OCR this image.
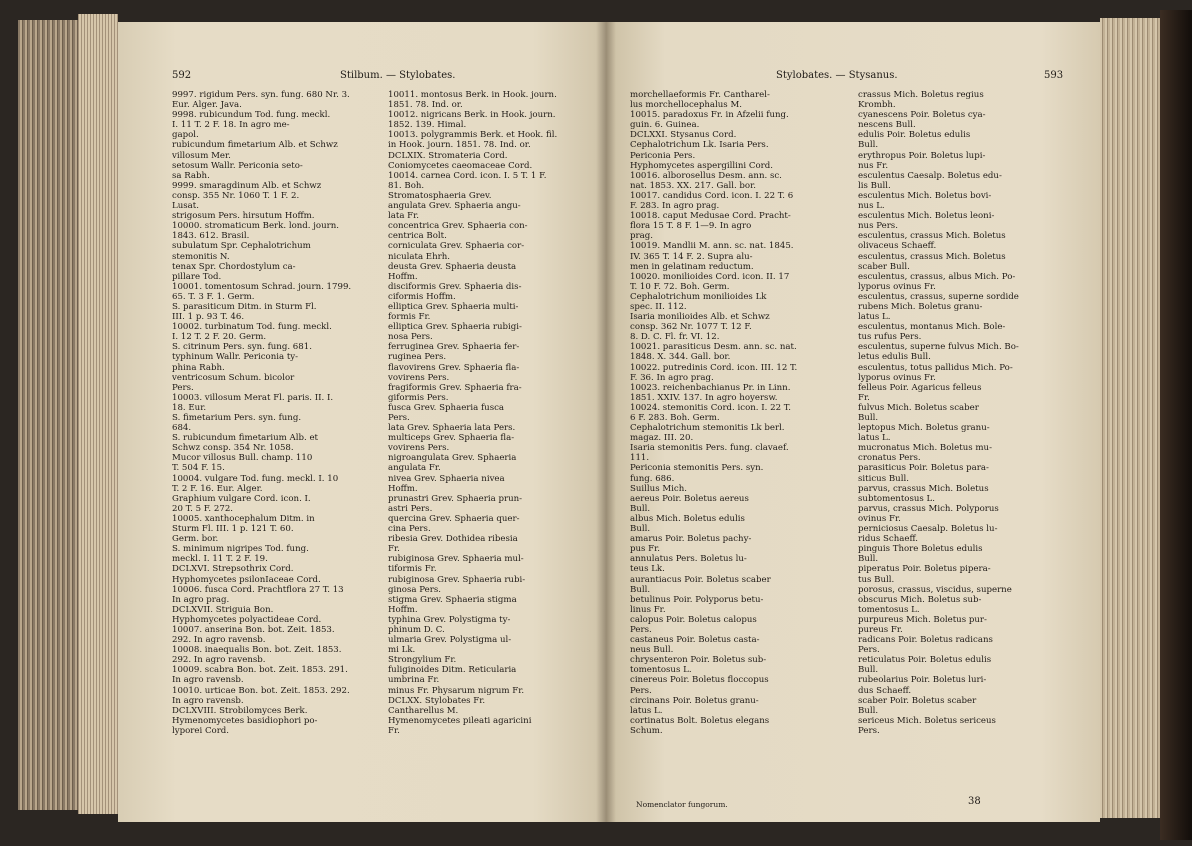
592	Stilbum. — Stylobates.	Stylobates. — Stysanus.	593
9997. rigidum Pers. syn. fung. 680 Nr. 3.
Eur. Alger. Java.
9998. rubicundum Tod. fung. meckl.
I. 11 T. 2 F. 18. In agro me-
gapol.
rubicundum fimetarium Alb. et Schwz
villosum Mer.
setosum Wallr. Periconia seto-
sa Rabh.
9999. smaragdinum Alb. et Schwz
consp. 355 Nr. 1060 T. 1 F. 2.
Lusat.
strigosum Pers. hirsutum Hoffm.
10000. stromaticum Berk. lond. journ.
1843. 612. Brasil.
subulatum Spr. Cephalotrichum
stemonitis N.
tenax Spr. Chordostylum ca-
pillare Tod.
10001. tomentosum Schrad. journ. 1799.
65. T. 3 F. 1. Germ.
S. parasiticum Ditm. in Sturm Fl.
III. 1 p. 93 T. 46.
10002. turbinatum Tod. fung. meckl.
I. 12 T. 2 F. 20. Germ.
S. citrinum Pers. syn. fung. 681.
typhinum Wallr. Periconia ty-
phina Rabh.
ventricosum Schum. bicolor
Pers.
10003. villosum Merat Fl. paris. II. I.
18. Eur.
S. fimetarium Pers. syn. fung.
684.
S. rubicundum fimetarium Alb. et
Schwz consp. 354 Nr. 1058.
Mucor villosus Bull. champ. 110
T. 504 F. 15.
10004. vulgare Tod. fung. meckl. I. 10
T. 2 F. 16. Eur. Alger.
Graphium vulgare Cord. icon. I.
20 T. 5 F. 272.
10005. xanthocephalum Ditm. in
Sturm Fl. III. 1 p. 121 T. 60.
Germ. bor.
S. minimum nigripes Tod. fung.
meckl. I. 11 T. 2 F. 19.
DCLXVI. Strepsothrix Cord.
Hyphomycetes psilonIaceae Cord.
10006. fusca Cord. Prachtflora 27 T. 13
In agro prag.
DCLXVII. Striguia Bon.
Hyphomycetes polyactideae Cord.
10007. anserina Bon. bot. Zeit. 1853.
292. In agro ravensb.
10008. inaequalis Bon. bot. Zeit. 1853.
292. In agro ravensb.
10009. scabra Bon. bot. Zeit. 1853. 291.
In agro ravensb.
10010. urticae Bon. bot. Zeit. 1853. 292.
In agro ravensb.
DCLXVIII. Strobilomyces Berk.
Hymenomycetes basidiophori po-
lyporei Cord.
10011. montosus Berk. in Hook. journ.
1851. 78. Ind. or.
10012. nigricans Berk. in Hook. journ.
1852. 139. Himal.
10013. polygrammis Berk. et Hook. fil.
in Hook. journ. 1851. 78. Ind. or.
DCLXIX. Stromateria Cord.
Coniomycetes caeomaceae Cord.
10014. carnea Cord. icon. I. 5 T. 1 F.
81. Boh.
Stromatosphaeria Grev.
angulata Grev. Sphaeria angu-
lata Fr.
concentrica Grev. Sphaeria con-
centrica Bolt.
corniculata Grev. Sphaeria cor-
niculata Ehrh.
deusta Grev. Sphaeria deusta
Hoffm.
disciformis Grev. Sphaeria dis-
ciformis Hoffm.
elliptica Grev. Sphaeria multi-
formis Fr.
elliptica Grev. Sphaeria rubigi-
nosa Pers.
ferruginea Grev. Sphaeria fer-
ruginea Pers.
flavovirens Grev. Sphaeria fla-
vovirens Pers.
fragiformis Grev. Sphaeria fra-
giformis Pers.
fusca Grev. Sphaeria fusca
Pers.
lata Grev. Sphaeria lata Pers.
multiceps Grev. Sphaeria fla-
vovirens Pers.
nigroangulata Grev. Sphaeria
angulata Fr.
nivea Grev. Sphaeria nivea
Hoffm.
prunastri Grev. Sphaeria prun-
astri Pers.
quercina Grev. Sphaeria quer-
cina Pers.
ribesia Grev. Dothidea ribesia
Fr.
rubiginosa Grev. Sphaeria mul-
tiformis Fr.
rubiginosa Grev. Sphaeria rubi-
ginosa Pers.
stigma Grev. Sphaeria stigma
Hoffm.
typhina Grev. Polystigma ty-
phinum D. C.
ulmaria Grev. Polystigma ul-
mi Lk.
Strongylium Fr.
fuliginoides Ditm. Reticularia
umbrina Fr.
minus Fr. Physarum nigrum Fr.
DCLXX. Stylobates Fr.
Cantharellus M.
Hymenomycetes pileati agaricini
Fr.
morchellaeformis Fr. Cantharel-
lus morchellocephalus M.
10015. paradoxus Fr. in Afzelii fung.
guin. 6. Guinea.
DCLXXI. Stysanus Cord.
Cephalotrichum Lk. Isaria Pers.
Periconia Pers.
Hyphomycetes aspergillini Cord.
10016. alborosellus Desm. ann. sc.
nat. 1853. XX. 217. Gall. bor.
10017. candidus Cord. icon. I. 22 T. 6
F. 283. In agro prag.
10018. caput Medusae Cord. Pracht-
flora 15 T. 8 F. 1—9. In agro
prag.
10019. Mandlii M. ann. sc. nat. 1845.
IV. 365 T. 14 F. 2. Supra alu-
men in gelatinam reductum.
10020. monilioides Cord. icon. II. 17
T. 10 F. 72. Boh. Germ.
Cephalotrichum monilioides Lk
spec. II. 112.
Isaria monilioides Alb. et Schwz
consp. 362 Nr. 1077 T. 12 F.
8. D. C. Fl. fr. VI. 12.
10021. parasiticus Desm. ann. sc. nat.
1848. X. 344. Gall. bor.
10022. putredinis Cord. icon. III. 12 T.
F. 36. In agro prag.
10023. reichenbachianus Pr. in Linn.
1851. XXIV. 137. In agro hoyersw.
10024. stemonitis Cord. icon. I. 22 T.
6 F. 283. Boh. Germ.
Cephalotrichum stemonitis Lk berl.
magaz. III. 20.
Isaria stemonitis Pers. fung. clavaef.
111.
Periconia stemonitis Pers. syn.
fung. 686.
Suillus Mich.
aereus Poir. Boletus aereus
Bull.
albus Mich. Boletus edulis
Bull.
amarus Poir. Boletus pachy-
pus Fr.
annulatus Pers. Boletus lu-
teus Lk.
aurantiacus Poir. Boletus scaber
Bull.
betulinus Poir. Polyporus betu-
linus Fr.
calopus Poir. Boletus calopus
Pers.
castaneus Poir. Boletus casta-
neus Bull.
chrysenteron Poir. Boletus sub-
tomentosus L.
cinereus Poir. Boletus floccopus
Pers.
circinans Poir. Boletus granu-
latus L.
cortinatus Bolt. Boletus elegans
Schum.
crassus Mich. Boletus regius
Krombh.
cyanescens Poir. Boletus cya-
nescens Bull.
edulis Poir. Boletus edulis
Bull.
erythropus Poir. Boletus lupi-
nus Fr.
esculentus Caesalp. Boletus edu-
lis Bull.
esculentus Mich. Boletus bovi-
nus L.
esculentus Mich. Boletus leoni-
nus Pers.
esculentus, crassus Mich. Boletus
olivaceus Schaeff.
esculentus, crassus Mich. Boletus
scaber Bull.
esculentus, crassus, albus Mich. Po-
lyporus ovinus Fr.
esculentus, crassus, superne sordide
rubens Mich. Boletus granu-
latus L.
esculentus, montanus Mich. Bole-
tus rufus Pers.
esculentus, superne fulvus Mich. Bo-
letus edulis Bull.
esculentus, totus pallidus Mich. Po-
lyporus ovinus Fr.
felleus Poir. Agaricus felleus
Fr.
fulvus Mich. Boletus scaber
Bull.
leptopus Mich. Boletus granu-
latus L.
mucronatus Mich. Boletus mu-
cronatus Pers.
parasiticus Poir. Boletus para-
siticus Bull.
parvus, crassus Mich. Boletus
subtomentosus L.
parvus, crassus Mich. Polyporus
ovinus Fr.
perniciosus Caesalp. Boletus lu-
ridus Schaeff.
pinguis Thore Boletus edulis
Bull.
piperatus Poir. Boletus pipera-
tus Bull.
porosus, crassus, viscidus, superne
obscurus Mich. Boletus sub-
tomentosus L.
purpureus Mich. Boletus pur-
pureus Fr.
radicans Poir. Boletus radicans
Pers.
reticulatus Poir. Boletus edulis
Bull.
rubeolarius Poir. Boletus luri-
dus Schaeff.
scaber Poir. Boletus scaber
Bull.
sericeus Mich. Boletus sericeus
Pers.
Nomenclator fungorum.	38
